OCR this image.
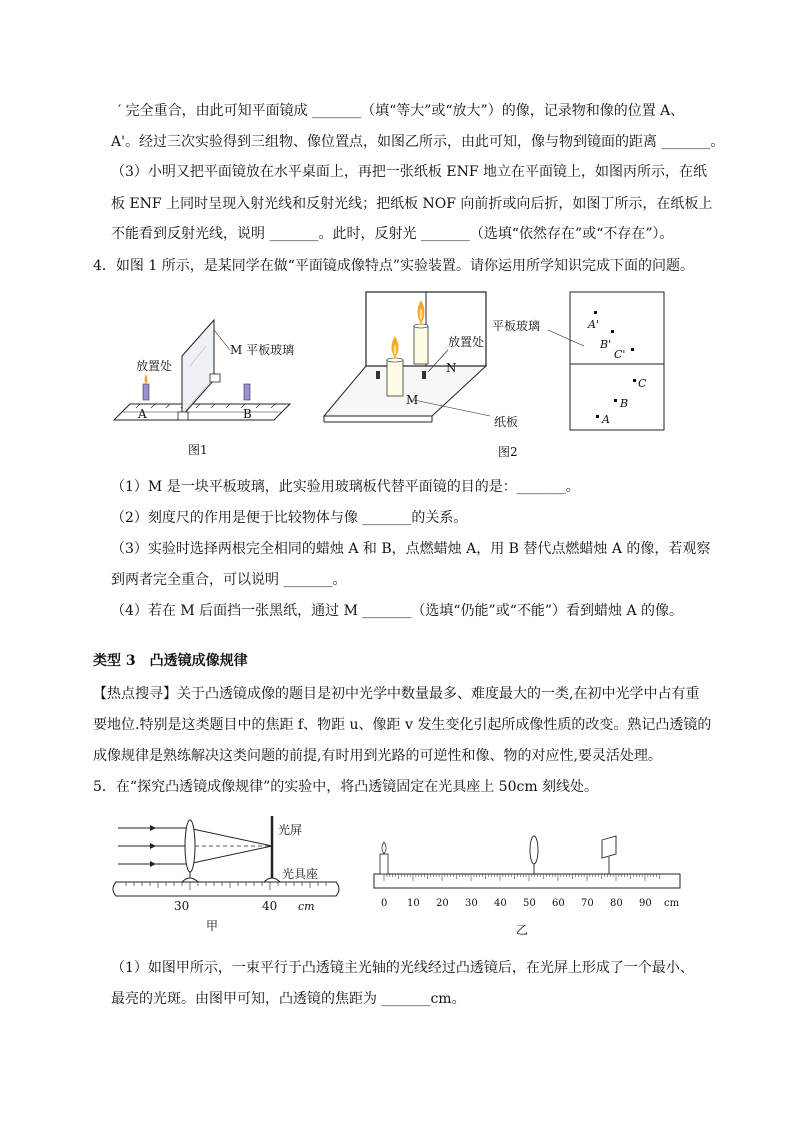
′ 完全重合，由此可知平面镜成 _______（填“等大”或“放大”）的像，记录物和像的位置 A、
A'。经过三次实验得到三组物、像位置点，如图乙所示，由此可知，像与物到镜面的距离 _______。
（3）小明又把平面镜放在水平桌面上，再把一张纸板 ENF 地立在平面镜上，如图丙所示，在纸
板 ENF 上同时呈现入射光线和反射光线；把纸板 NOF 向前折或向后折，如图丁所示，在纸板上
不能看到反射光线，说明 _______。此时，反射光 _______（选填“依然存在”或“不存在”）。
4．如图 1 所示，是某同学在做“平面镜成像特点”实验装置。请你运用所学知识完成下面的问题。
M 平板玻璃
放置处
A	B
图1
放置处
N
M
纸板
平板玻璃	A'
B'
C'
C
B
A
图2
（1）M 是一块平板玻璃，此实验用玻璃板代替平面镜的目的是：_______。
（2）刻度尺的作用是便于比较物体与像 _______的关系。
（3）实验时选择两根完全相同的蜡烛 A 和 B，点燃蜡烛 A，用 B 替代点燃蜡烛 A 的像，若观察
到两者完全重合，可以说明 _______。
（4）若在 M 后面挡一张黑纸，通过 M _______（选填“仍能”或“不能”）看到蜡烛 A 的像。
类型 3　凸透镜成像规律
【热点搜寻】关于凸透镜成像的题目是初中光学中数量最多、难度最大的一类,在初中光学中占有重
要地位.特别是这类题目中的焦距 f、物距 u、像距 v 发生变化引起所成像性质的改变。熟记凸透镜的
成像规律是熟练解决这类问题的前提,有时用到光路的可逆性和像、物的对应性,要灵活处理。
5．在“探究凸透镜成像规律”的实验中，将凸透镜固定在光具座上 50cm 刻线处。
光屏
光具座
30	40 cm
甲
0 10 20 30 40 50 60 70 80 90 cm
乙
（1）如图甲所示，一束平行于凸透镜主光轴的光线经过凸透镜后，在光屏上形成了一个最小、
最亮的光斑。由图甲可知，凸透镜的焦距为 _______cm。
